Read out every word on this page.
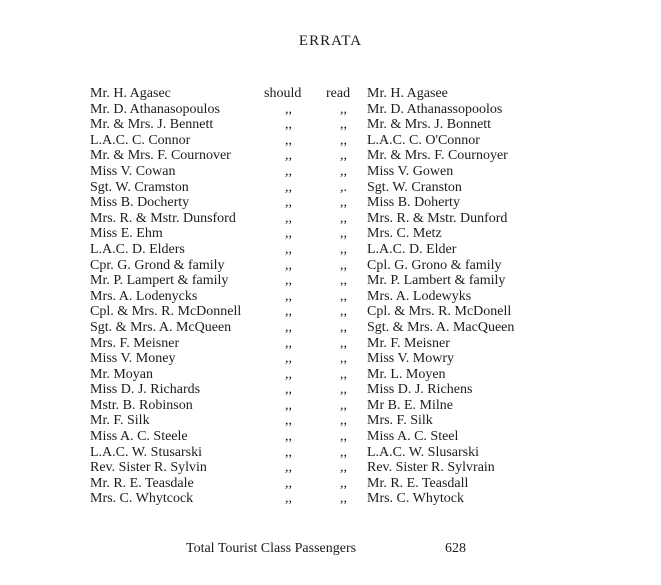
ERRATA
Mr. H. Agasec	should	read	Mr. H. Agasee
Mr. D. Athanasopoulos	,,	,,	Mr. D. Athanassopoolos
Mr. & Mrs. J. Bennett	,,	,,	Mr. & Mrs. J. Bonnett
L.A.C. C. Connor	,,	,,	L.A.C. C. O'Connor
Mr. & Mrs. F. Cournover	,,	,,	Mr. & Mrs. F. Cournoyer
Miss V. Cowan	,,	,,	Miss V. Gowen
Sgt. W. Cramston	,,	,.	Sgt. W. Cranston
Miss B. Docherty	,,	,,	Miss B. Doherty
Mrs. R. & Mstr. Dunsford	,,	,,	Mrs. R. & Mstr. Dunford
Miss E. Ehm	,,	,,	Mrs. C. Metz
L.A.C. D. Elders	,,	,,	L.A.C. D. Elder
Cpr. G. Grond & family	,,	,,	Cpl. G. Grono & family
Mr. P. Lampert & family	,,	,,	Mr. P. Lambert & family
Mrs. A. Lodenycks	,,	,,	Mrs. A. Lodewyks
Cpl. & Mrs. R. McDonnell	,,	,,	Cpl. & Mrs. R. McDonell
Sgt. & Mrs. A. McQueen	,,	,,	Sgt. & Mrs. A. MacQueen
Mrs. F. Meisner	,,	,,	Mr. F. Meisner
Miss V. Money	,,	,,	Miss V. Mowry
Mr. Moyan	,,	,,	Mr. L. Moyen
Miss D. J. Richards	,,	,,	Miss D. J. Richens
Mstr. B. Robinson	,,	,,	Mr B. E. Milne
Mr. F. Silk	,,	,,	Mrs. F. Silk
Miss A. C. Steele	,,	,,	Miss A. C. Steel
L.A.C. W. Stusarski	,,	,,	L.A.C. W. Slusarski
Rev. Sister R. Sylvin	,,	,,	Rev. Sister R. Sylvrain
Mr. R. E. Teasdale	,,	,,	Mr. R. E. Teasdall
Mrs. C. Whytcock	,,	,,	Mrs. C. Whytock
Total Tourist Class Passengers	628
